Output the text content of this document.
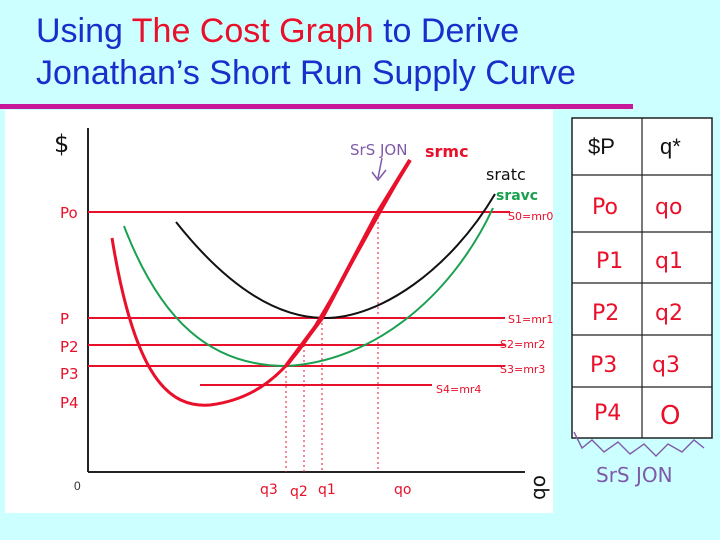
Using The Cost Graph to Derive
Jonathan’s Short Run Supply Curve
$
0	qo
Po
P
P2
P3
P4
q3 q2 q1	qo
SrS JON srmc
sratc
sravc
S0=mr0
S1=mr1
S2=mr2
S3=mr3
S4=mr4
$P q*
Po qo
P1 q1
P2 q2
P3 q3
P4 O
SrS JON
